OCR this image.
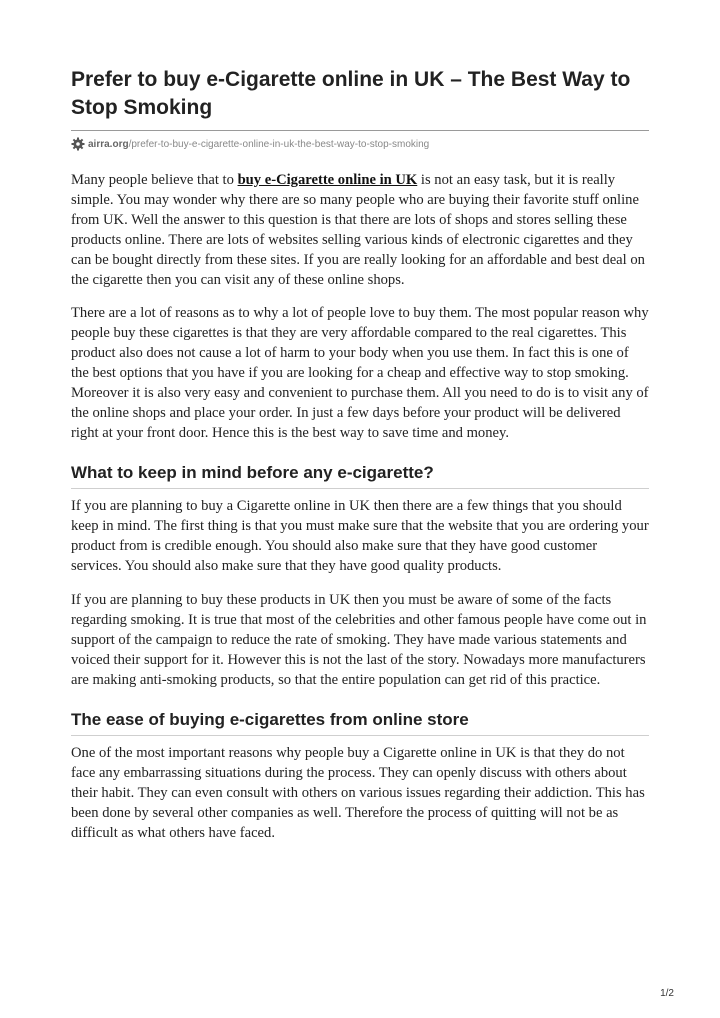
Prefer to buy e-Cigarette online in UK – The Best Way to Stop Smoking
airra.org /prefer-to-buy-e-cigarette-online-in-uk-the-best-way-to-stop-smoking

Many people believe that to buy e-Cigarette online in UK is not an easy task, but it is really simple. You may wonder why there are so many people who are buying their favorite stuff online from UK. Well the answer to this question is that there are lots of shops and stores selling these products online. There are lots of websites selling various kinds of electronic cigarettes and they can be bought directly from these sites. If you are really looking for an affordable and best deal on the cigarette then you can visit any of these online shops.

There are a lot of reasons as to why a lot of people love to buy them. The most popular reason why people buy these cigarettes is that they are very affordable compared to the real cigarettes. This product also does not cause a lot of harm to your body when you use them. In fact this is one of the best options that you have if you are looking for a cheap and effective way to stop smoking.

Moreover it is also very easy and convenient to purchase them. All you need to do is to visit any of the online shops and place your order. In just a few days before your product will be delivered right at your front door. Hence this is the best way to save time and money.

What to keep in mind before any e-cigarette?

If you are planning to buy a Cigarette online in UK then there are a few things that you should keep in mind. The first thing is that you must make sure that the website that you are ordering your product from is credible enough. You should also make sure that they have good customer services. You should also make sure that they have good quality products.

If you are planning to buy these products in UK then you must be aware of some of the facts regarding smoking. It is true that most of the celebrities and other famous people have come out in support of the campaign to reduce the rate of smoking. They have made various statements and voiced their support for it. However this is not the last of the story. Nowadays more manufacturers are making anti-smoking products, so that the entire population can get rid of this practice.

The ease of buying e-cigarettes from online store

One of the most important reasons why people buy a Cigarette online in UK is that they do not face any embarrassing situations during the process. They can openly discuss with others about their habit. They can even consult with others on various issues regarding their addiction. This has been done by several other companies as well. Therefore the process of quitting will not be as difficult as what others have faced.

1/2
